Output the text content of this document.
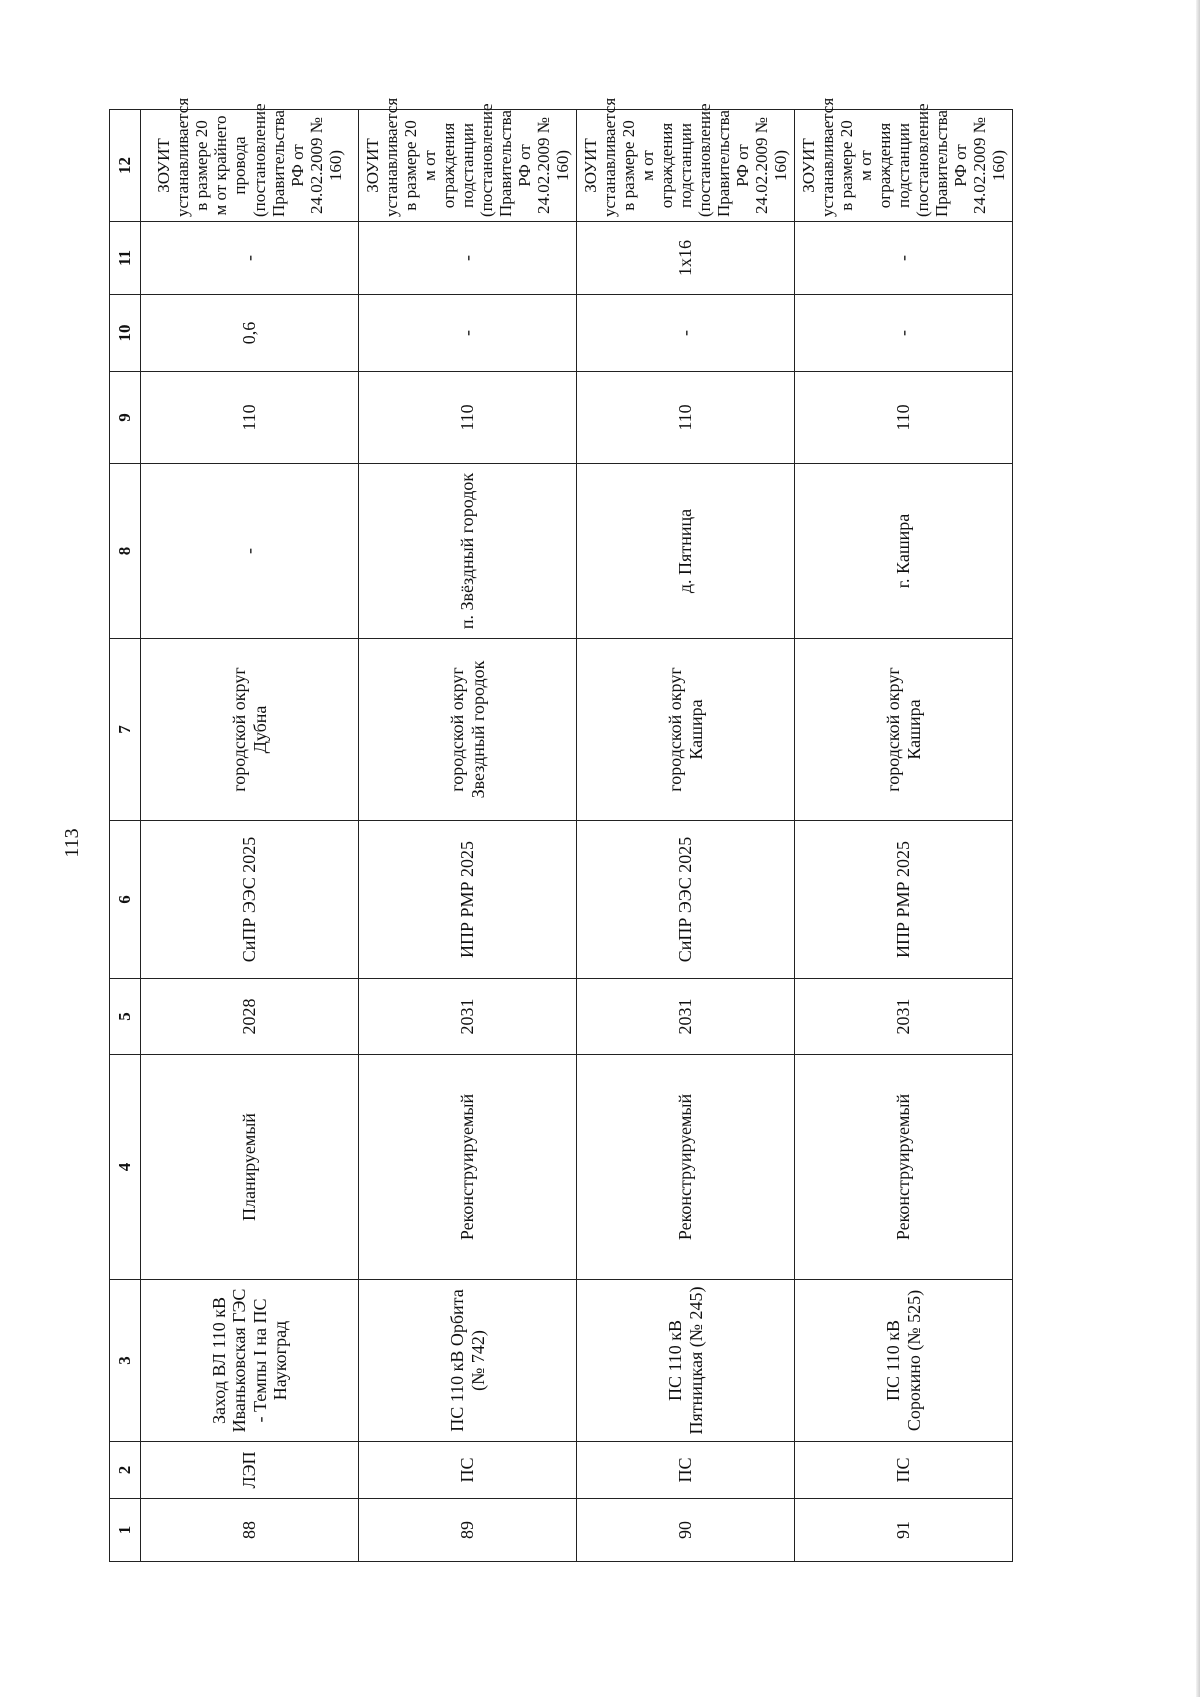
113
1	2	3	4	5	6	7	8	9	10	11	12
88	ЛЭП	Заход ВЛ 110 кВ Иваньковская ГЭС - Темпы I на ПС Наукоград	Планируемый	2028	СиПР ЭЭС 2025	городской округ Дубна	-	110	0,6	-	ЗОУИТ устанавливается в размере 20 м от крайнего провода (постановление Правительства РФ от 24.02.2009 № 160)
89	ПС	ПС 110 кВ Орбита (№ 742)	Реконструируемый	2031	ИПР РМР 2025	городской округ Звездный городок	п. Звёздный городок	110	-	-	ЗОУИТ устанавливается в размере 20 м от ограждения подстанции (постановление Правительства РФ от 24.02.2009 № 160)
90	ПС	ПС 110 кВ Пятницкая (№ 245)	Реконструируемый	2031	СиПР ЭЭС 2025	городской округ Кашира	д. Пятница	110	-	1х16	ЗОУИТ устанавливается в размере 20 м от ограждения подстанции (постановление Правительства РФ от 24.02.2009 № 160)
91	ПС	ПС 110 кВ Сорокино (№ 525)	Реконструируемый	2031	ИПР РМР 2025	городской округ Кашира	г. Кашира	110	-	-	ЗОУИТ устанавливается в размере 20 м от ограждения подстанции (постановление Правительства РФ от 24.02.2009 № 160)
